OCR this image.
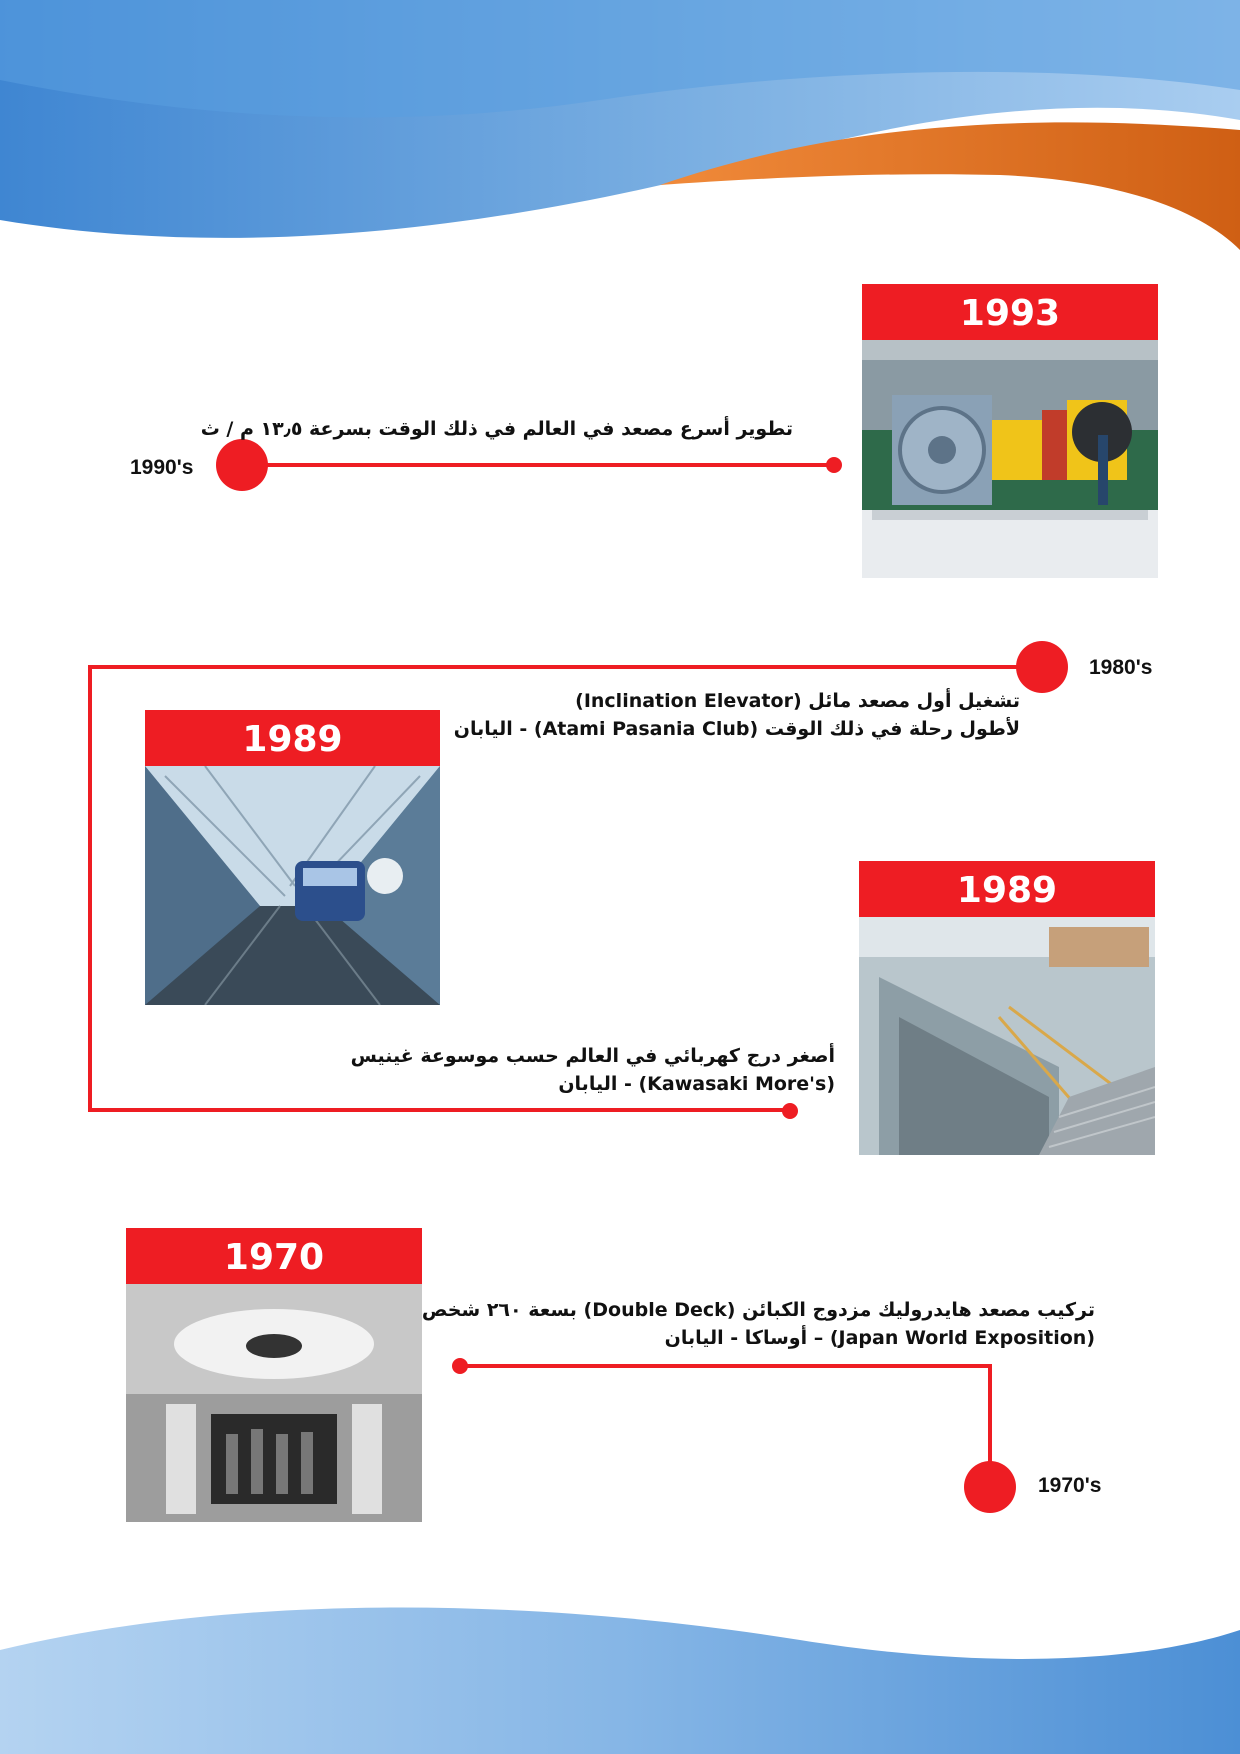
1990's
1980's
1970's
تطوير أسرع مصعد في العالم في ذلك الوقت بسرعة ١٣٫٥ م / ث
تشغيل أول مصعد مائل (Inclination Elevator)
لأطول رحلة في ذلك الوقت (Atami Pasania Club) - اليابان
أصغر درج كهربائي في العالم حسب موسوعة غينيس
(Kawasaki More's) - اليابان
تركيب مصعد هايدروليك مزدوج الكبائن (Double Deck) بسعة ٢٦٠ شخص
(Japan World Exposition) – أوساكا - اليابان
1993
1989
1989
1970
